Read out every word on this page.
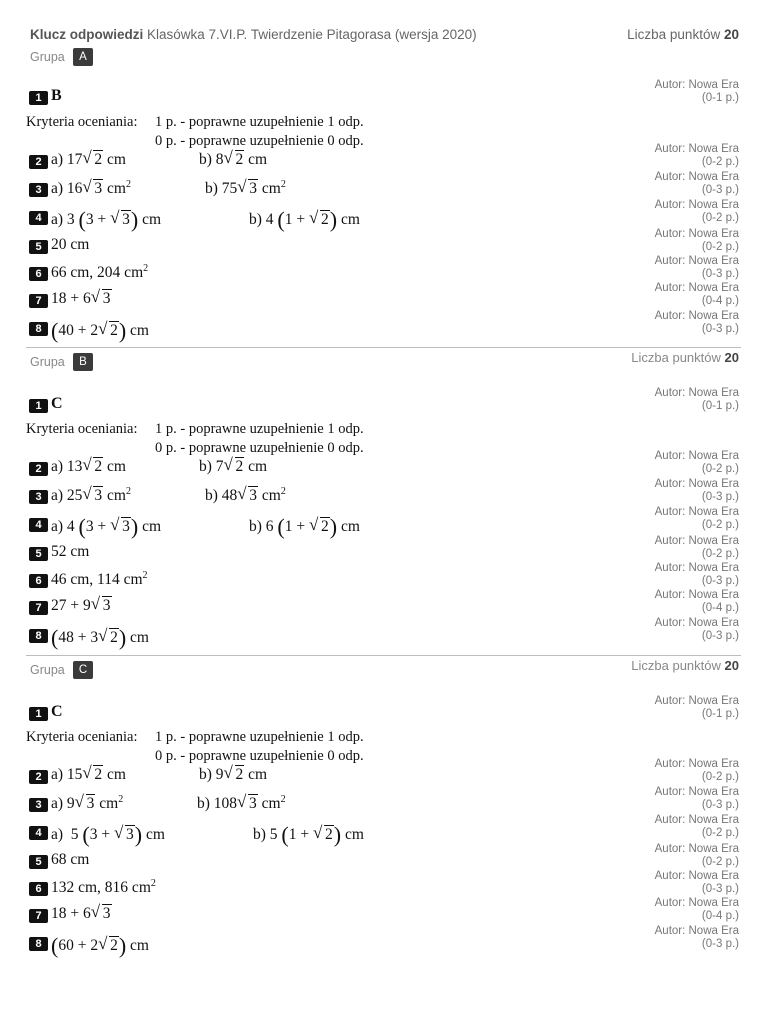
Klucz odpowiedzi Klasówka 7.VI.P. Twierdzenie Pitagorasa (wersja 2020)	Liczba punktów 20
Grupa	A
1 B
Autor: Nowa Era
(0-1 p.)
Kryteria oceniania: 1 p. - poprawne uzupełnienie 1 odp.
0 p. - poprawne uzupełnienie 0 odp.
2 a) 17 √ 2 cm	b) 8 √ 2 cm
Autor: Nowa Era
(0-2 p.)
3 a) 16 √ 3 $cm^2$	b) 75 √ 3 $cm^2$
Autor: Nowa Era
(0-3 p.)
4 a) 3 (3 + √ 3) cm	b) 4 (1 + √ 2) cm
Autor: Nowa Era
(0-2 p.)
5 20 cm
Autor: Nowa Era
(0-2 p.)
6 66 cm, 204 $cm^2$
Autor: Nowa Era
(0-3 p.)
7 18 + 6 √ 3
Autor: Nowa Era
(0-4 p.)
8 (40 + 2 √ 2) cm
Autor: Nowa Era
(0-3 p.)
Grupa	B	Liczba punktów 20
1 C
Autor: Nowa Era
(0-1 p.)
Kryteria oceniania: 1 p. - poprawne uzupełnienie 1 odp.
0 p. - poprawne uzupełnienie 0 odp.
2 a) 13 √ 2 cm	b) 7 √ 2 cm
Autor: Nowa Era
(0-2 p.)
3 a) 25 √ 3 $cm^2$	b) 48 √ 3 $cm^2$
Autor: Nowa Era
(0-3 p.)
4 a) 4 (3 + √ 3) cm	b) 6 (1 + √ 2) cm
Autor: Nowa Era
(0-2 p.)
5 52 cm
Autor: Nowa Era
(0-2 p.)
6 46 cm, 114 $cm^2$
Autor: Nowa Era
(0-3 p.)
7 27 + 9 √ 3
Autor: Nowa Era
(0-4 p.)
8 (48 + 3 √ 2) cm
Autor: Nowa Era
(0-3 p.)
Grupa	C	Liczba punktów 20
1 C
Autor: Nowa Era
(0-1 p.)
Kryteria oceniania: 1 p. - poprawne uzupełnienie 1 odp.
0 p. - poprawne uzupełnienie 0 odp.
2 a) 15 √ 2 cm	b) 9 √ 2 cm
Autor: Nowa Era
(0-2 p.)
3 a) 9 √ 3 $cm^2$	b) 108 √ 3 $cm^2$
Autor: Nowa Era
(0-3 p.)
4 a) 5 (3 + √ 3) cm	b) 5 (1 + √ 2) cm
Autor: Nowa Era
(0-2 p.)
5 68 cm
Autor: Nowa Era
(0-2 p.)
6 132 cm, 816 $cm^2$
Autor: Nowa Era
(0-3 p.)
7 18 + 6 √ 3
Autor: Nowa Era
(0-4 p.)
8 (60 + 2 √ 2) cm
Autor: Nowa Era
(0-3 p.)
